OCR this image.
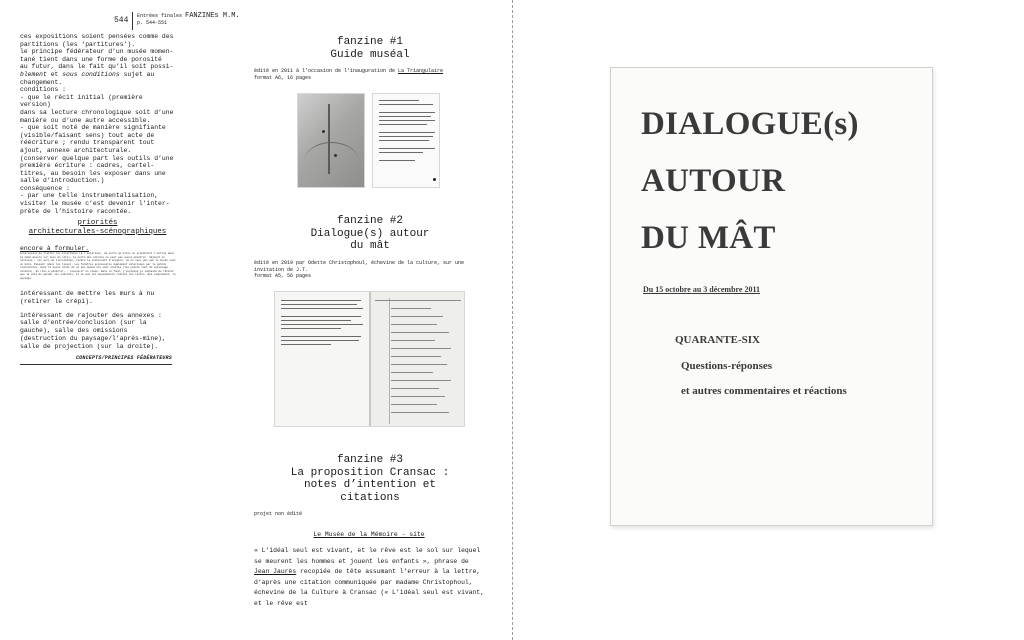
544 Entrées finales FANZINEs M.M.
p. 544-551

ces expositions soient pensées comme des

partitions (les ‘partitures’).

le principe fédérateur d’un musée momen-

tané tient dans une forme de porosité

au futur, dans le fait qu’il soit possi-

blement et sous conditions sujet au

changement.

conditions :

- que le récit initial (première version)

dans sa lecture chronologique soit d’une

manière ou d’une autre accessible.

- que soit noté de manière signifiante

(visible/faisant sens) tout acte de

réécriture ; rendu transparent tout

ajout, annexe architecturale.

(conserver quelque part les outils d’une

première écriture : cadres, cartel-

titres, au besoin les exposer dans une

salle d’introduction.)

conséquence :

- par une telle instrumentalisation,

visiter le musée c’est devenir l’inter-

prète de l’histoire racontée.

priorités
architecturales-scénographiques
encore à formuler.
intéressant de traiter les interfaces (à l’extérieur, de sorte qu’elles en présentent l’entrée dans la même mesure sur lieu du site), la porte des entrées ne peut pas aussi pénétrer. Adjoint en coulisse ; les murs de circulation, rendre la continuité d’origine. Je ne veux pas que le musée soit un bord. Passant (dans les lieux). Les fenêtres accessoires également valorisées par le public rencontrées. Avec le bonne droit de se pas quand ils sont invités (les pièces tant du voisinage visible). Si rien à pénétrer... recouvrir en place. Dans le fond, j’explique je souhaite de réciter que la voie de garder les endroits, et ce que les équipements restent ces récits. Que simplement, le paysage.

intéressant de mettre les murs à nu (retirer le crépi).

intéressant de rajouter des annexes : salle d’entrée/conclusion (sur la gauche), salle des omissions (destruction du paysage/l’après-mine), salle de projection (sur la droite).

CONCEPTS/PRINCIPES FÉDÉRATEURS
fanzine #1
Guide muséal
édité en 2011 à l’occasion de l’inauguration de La Triangulaire
format A6, 16 pages
fanzine #2
Dialogue(s) autour
du mât
édité en 2019 par Odette Christophoul, échevine de la culture, sur une
invitation de J.T.
format A5, 56 pages
fanzine #3
La proposition Cransac :
notes d’intention et
citations
projet non édité
Le Musée de la Mémoire - site
« L’idéal seul est vivant, et le rêve est le sol sur lequel se meurent les hommes et jouent les enfants », phrase de Jean Jaurès recopiée de tête assumant l’erreur à la lettre, d’après une citation communiquée par madame Christophoul, échevine de la Culture à Cransac (« L’idéal seul est vivant, et le rêve est
DIALOGUE(s)
AUTOUR
DU MÂT
Du 15 octobre au 3 décembre 2011
QUARANTE-SIX
Questions-réponses
et autres commentaires et réactions
